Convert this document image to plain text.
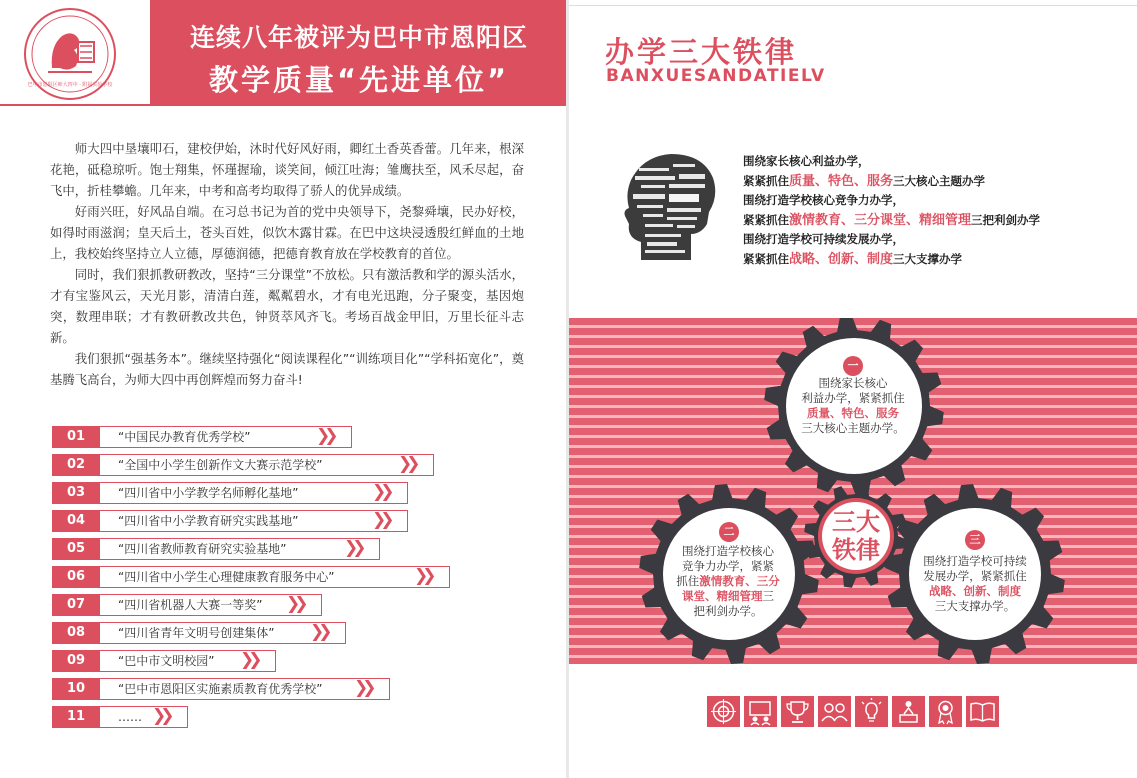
巴中市恩阳区师大四中 · 附属实验学校
连续八年被评为巴中市恩阳区
教学质量“先进单位”

师大四中垦壤叩石，建校伊始，沐时代好风好雨，卿红土香英香蕾。几年来，根深花艳，砥稳琼听。饱士翔集，怀瑾握瑜，谈笑间，倾江吐海；雏鹰扶至，风禾尽起，奋飞中，折桂攀蟾。几年来，中考和高考均取得了骄人的优异成绩。

好雨兴旺，好风品自端。在习总书记为首的党中央领导下，尧黎舜壤，民办好校，如得时雨滋润；皇天后土，苍头百姓，似饮木露甘霖。在巴中这块浸透殷红鲜血的土地上，我校始终坚持立人立德，厚德润德，把德育教育放在学校教育的首位。

同时，我们狠抓教研教改，坚持“三分课堂”不放松。只有激活教和学的源头活水，才有宝鉴风云，天光月影，清清白莲，粼粼碧水，才有电光迅跑，分子聚变，基因炮突，数理串联；才有教研教改共色，钟贤萃风齐飞。考场百战金甲旧，万里长征斗志新。

我们狠抓“强基务本”。继续坚持强化“阅读课程化”“训练项目化”“学科拓宽化”，奠基腾飞高台，为师大四中再创辉煌而努力奋斗!

01	“中国民办教育优秀学校”	❯❯
02	“全国中小学生创新作文大赛示范学校”	❯❯
03	“四川省中小学教学名师孵化基地”	❯❯
04	“四川省中小学教育研究实践基地”	❯❯
05	“四川省教师教育研究实验基地”	❯❯
06	“四川省中小学生心理健康教育服务中心”	❯❯
07	“四川省机器人大赛一等奖”	❯❯
08	“四川省青年文明号创建集体”	❯❯
09	“巴中市文明校园”	❯❯
10	“巴中市恩阳区实施素质教育优秀学校”	❯❯
11	…… ❯❯
办学三大铁律
BANXUESANDATIELV
围绕家长核心利益办学，
紧紧抓住质量、特色、服务三大核心主题办学
围绕打造学校核心竞争力办学，
紧紧抓住激情教育、三分课堂、精细管理三把利剑办学
围绕打造学校可持续发展办学，
紧紧抓住战略、创新、制度三大支撑办学
一
围绕家长核心
利益办学，紧紧抓住
质量、特色、服务
三大核心主题办学。
二
围绕打造学校核心
竞争力办学，紧紧
抓住激情教育、三分
课堂、精细管理三
把利剑办学。
三
围绕打造学校可持续
发展办学，紧紧抓住
战略、创新、制度
三大支撑办学。
三大
铁律
